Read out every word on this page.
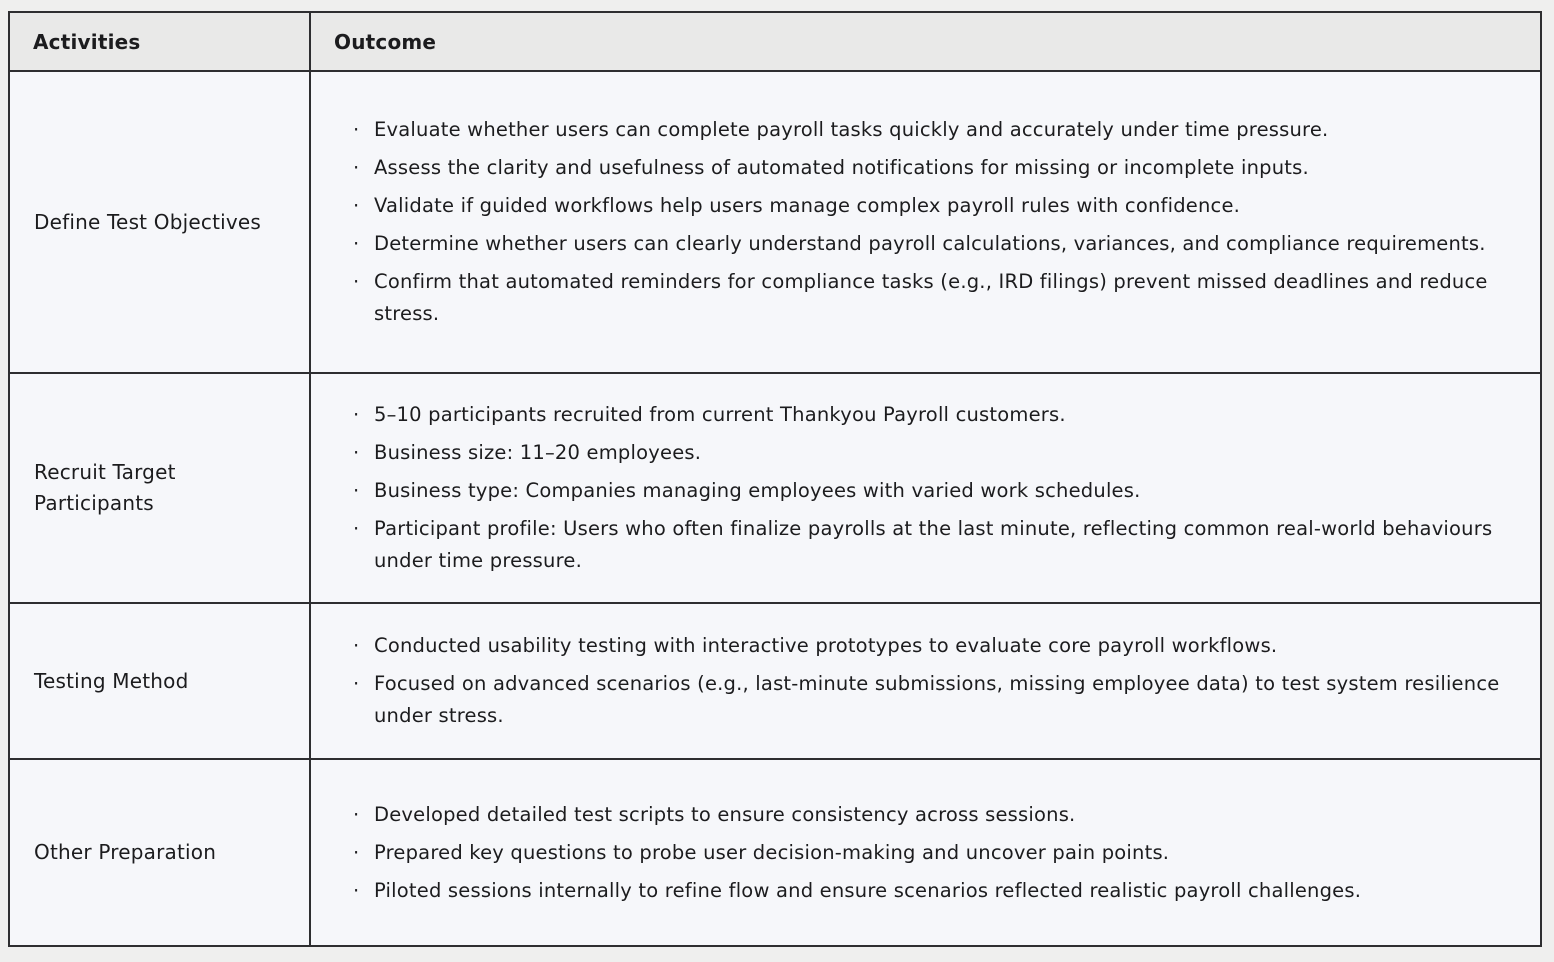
Activities	Outcome
Define Test Objectives	
·
Evaluate whether users can complete payroll tasks quickly and accurately under time pressure.
·
Assess the clarity and usefulness of automated notifications for missing or incomplete inputs.
·
Validate if guided workflows help users manage complex payroll rules with confidence.
·
Determine whether users can clearly understand payroll calculations, variances, and compliance requirements.
·
Confirm that automated reminders for compliance tasks (e.g., IRD filings) prevent missed deadlines and reduce stress.

Recruit Target Participants	
·
5–10 participants recruited from current Thankyou Payroll customers.
·
Business size: 11–20 employees.
·
Business type: Companies managing employees with varied work schedules.
·
Participant profile: Users who often finalize payrolls at the last minute, reflecting common real-world behaviours under time pressure.

Testing Method	
·
Conducted usability testing with interactive prototypes to evaluate core payroll workflows.
·
Focused on advanced scenarios (e.g., last-minute submissions, missing employee data) to test system resilience under stress.

Other Preparation	
·
Developed detailed test scripts to ensure consistency across sessions.
·
Prepared key questions to probe user decision-making and uncover pain points.
·
Piloted sessions internally to refine flow and ensure scenarios reflected realistic payroll challenges.
